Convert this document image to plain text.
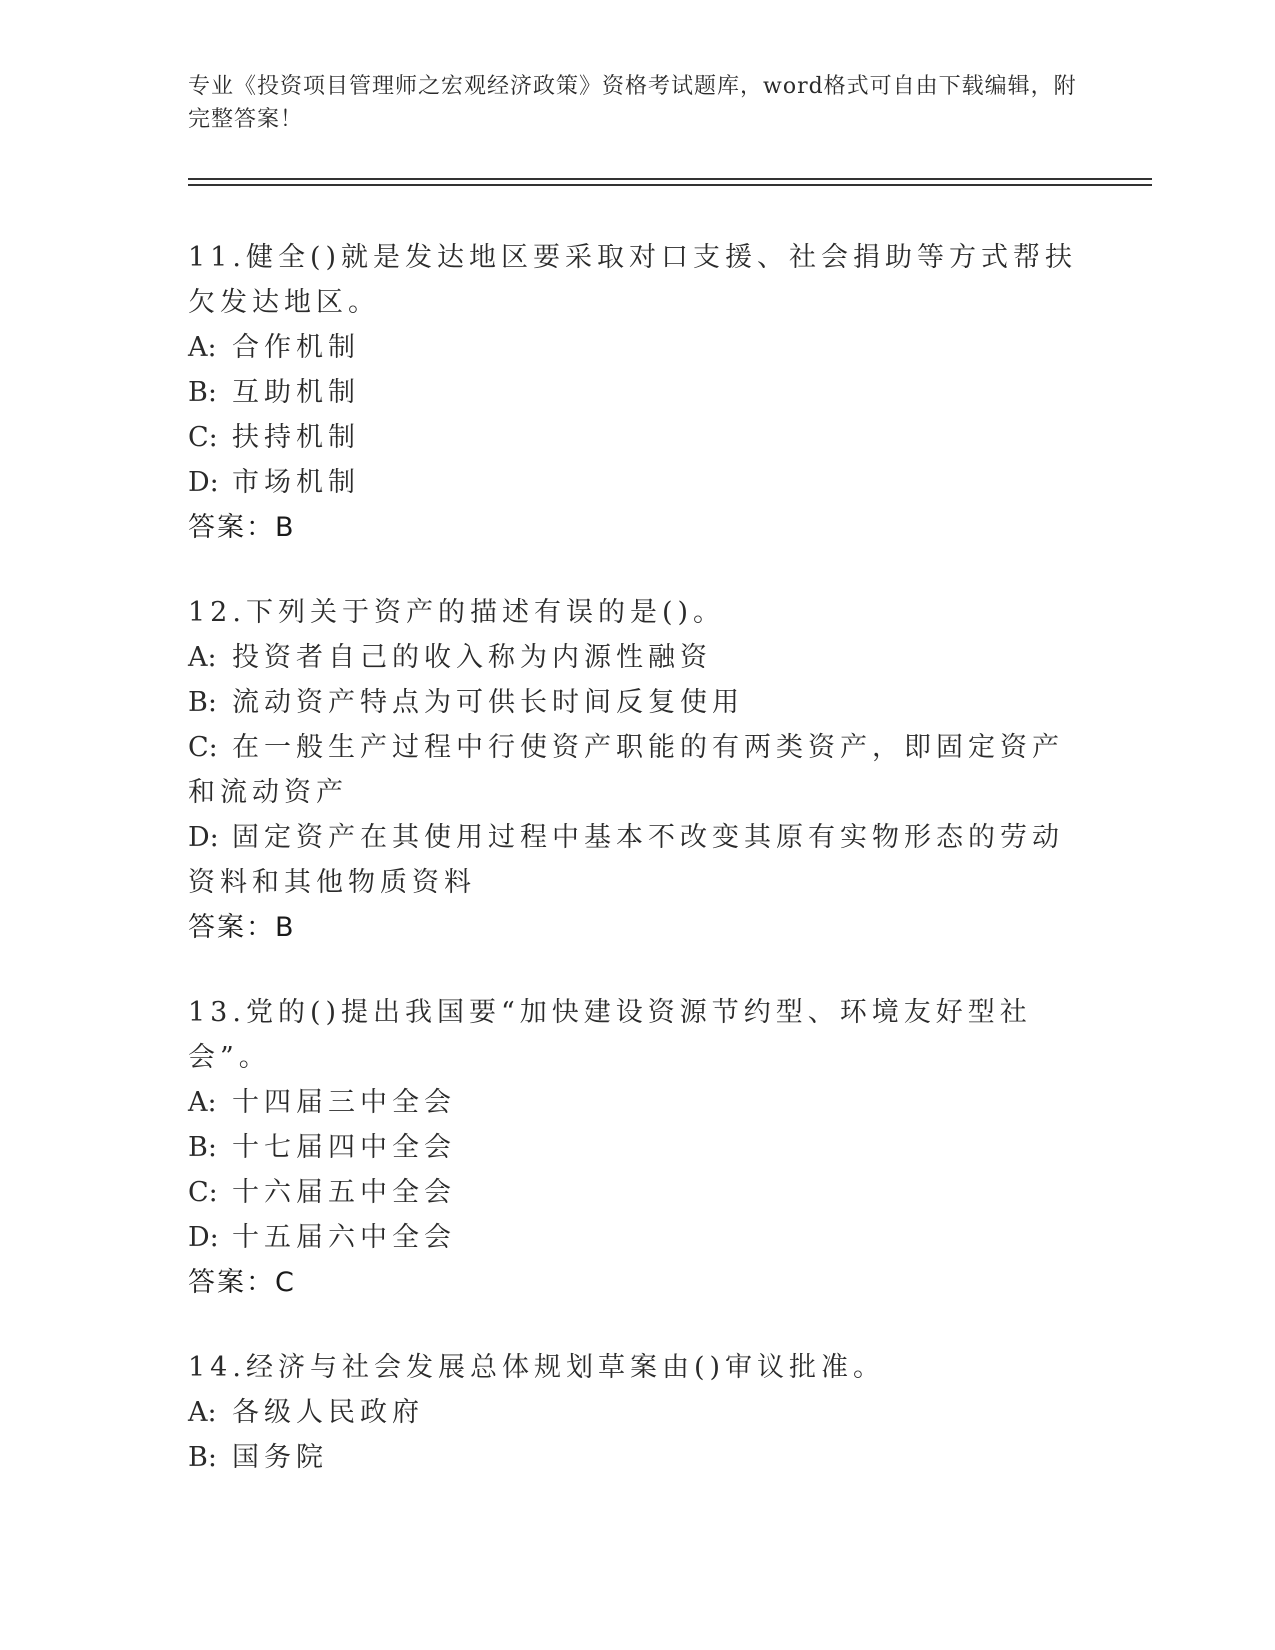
专业《投资项目管理师之宏观经济政策》资格考试题库，word格式可自由下载编辑，附完整答案！
11.健全()就是发达地区要采取对口支援、社会捐助等方式帮扶欠发达地区。
A: 合作机制
B: 互助机制
C: 扶持机制
D: 市场机制
答案：B
12.下列关于资产的描述有误的是()。
A: 投资者自己的收入称为内源性融资
B: 流动资产特点为可供长时间反复使用
C: 在一般生产过程中行使资产职能的有两类资产，即固定资产和流动资产
D: 固定资产在其使用过程中基本不改变其原有实物形态的劳动资料和其他物质资料
答案：B
13.党的()提出我国要“加快建设资源节约型、环境友好型社会”。
A: 十四届三中全会
B: 十七届四中全会
C: 十六届五中全会
D: 十五届六中全会
答案：C
14.经济与社会发展总体规划草案由()审议批准。
A: 各级人民政府
B: 国务院
